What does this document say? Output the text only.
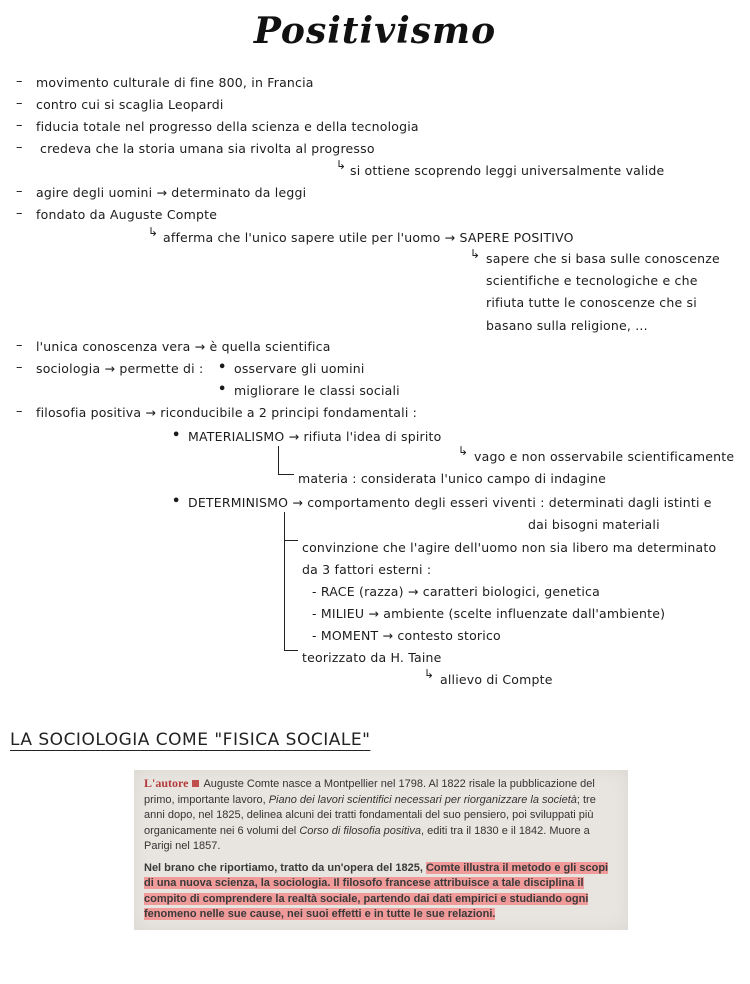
Positivismo
–
–
–
–
–
–
–
–
–
movimento culturale di fine 800, in Francia
contro cui si scaglia Leopardi
fiducia totale nel progresso della scienza e della tecnologia
credeva che la storia umana sia rivolta al progresso
↳ si ottiene scoprendo leggi universalmente valide
agire degli uomini → determinato da leggi
fondato da Auguste Compte
↳ afferma che l'unico sapere utile per l'uomo → SAPERE POSITIVO
↳ sapere che si basa sulle conoscenze
scientifiche e tecnologiche e che
rifiuta tutte le conoscenze che si
basano sulla religione, ...
l'unica conoscenza vera → è quella scientifica
sociologia → permette di : • osservare gli uomini
• migliorare le classi sociali
filosofia positiva → riconducibile a 2 principi fondamentali :
• MATERIALISMO → rifiuta l'idea di spirito
↳ vago e non osservabile scientificamente
materia : considerata l'unico campo di indagine
• DETERMINISMO → comportamento degli esseri viventi : determinati dagli istinti e
dai bisogni materiali
convinzione che l'agire dell'uomo non sia libero ma determinato
da 3 fattori esterni :
- RACE (razza) → caratteri biologici, genetica
- MILIEU → ambiente (scelte influenzate dall'ambiente)
- MOMENT → contesto storico
teorizzato da H. Taine
↳ allievo di Compte
LA SOCIOLOGIA COME "FISICA SOCIALE"
L'autore Auguste Comte nasce a Montpellier nel 1798. Al 1822 risale la pubblicazione del primo, importante lavoro, Piano dei lavori scientifici necessari per riorganizzare la società; tre anni dopo, nel 1825, delinea alcuni dei tratti fondamentali del suo pensiero, poi sviluppati più organicamente nei 6 volumi del Corso di filosofia positiva, editi tra il 1830 e il 1842. Muore a Parigi nel 1857.
Nel brano che riportiamo, tratto da un'opera del 1825, Comte illustra il metodo e gli scopi di una nuova scienza, la sociologia. Il filosofo francese attribuisce a tale disciplina il compito di comprendere la realtà sociale, partendo dai dati empirici e studiando ogni fenomeno nelle sue cause, nei suoi effetti e in tutte le sue relazioni.
